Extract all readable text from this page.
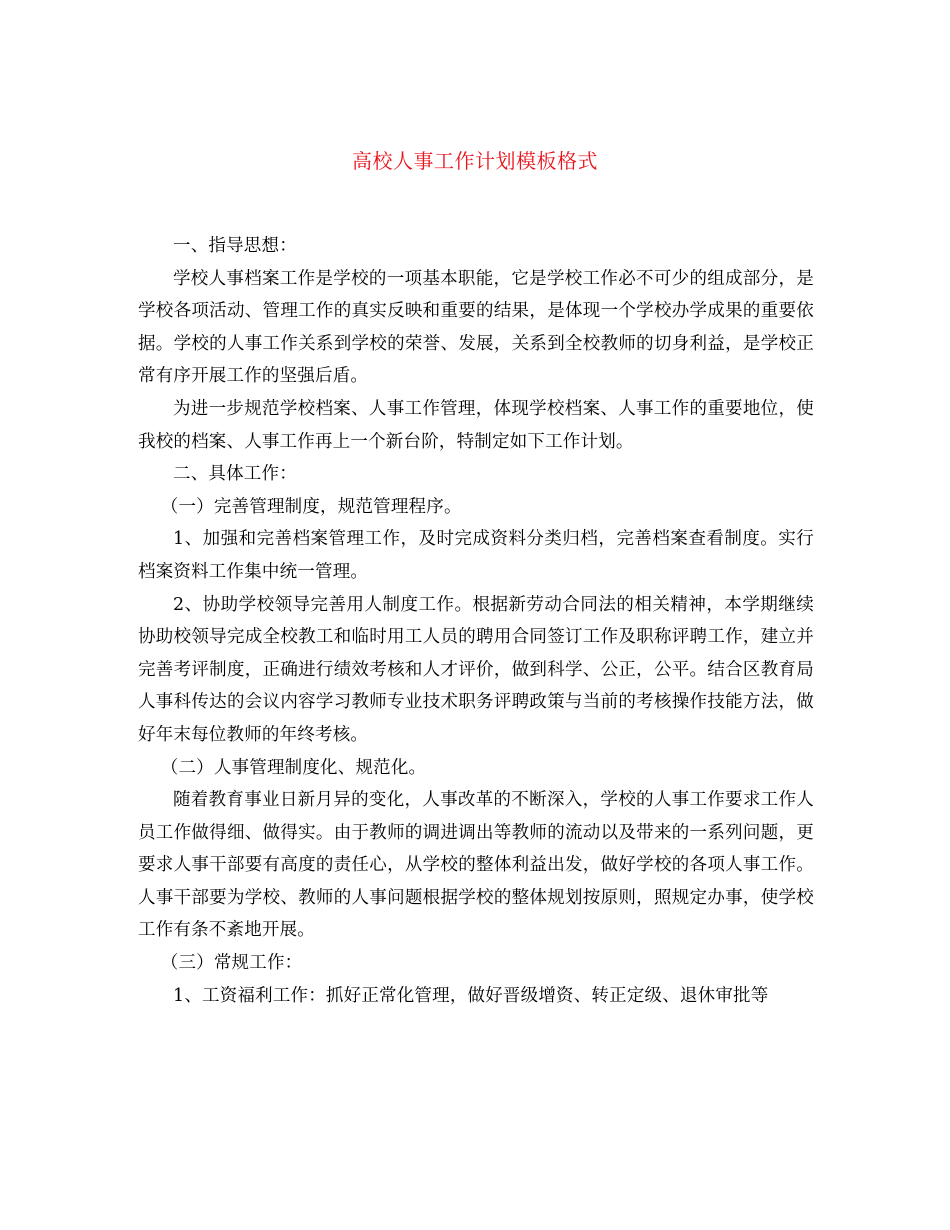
高校人事工作计划模板格式

一、指导思想：

学校人事档案工作是学校的一项基本职能，它是学校工作必不可少的组成部分，是学校各项活动、管理工作的真实反映和重要的结果，是体现一个学校办学成果的重要依据。学校的人事工作关系到学校的荣誉、发展，关系到全校教师的切身利益，是学校正常有序开展工作的坚强后盾。

为进一步规范学校档案、人事工作管理，体现学校档案、人事工作的重要地位，使我校的档案、人事工作再上一个新台阶，特制定如下工作计划。

二、具体工作：

（一）完善管理制度，规范管理程序。

1、加强和完善档案管理工作，及时完成资料分类归档，完善档案查看制度。实行档案资料工作集中统一管理。

2、协助学校领导完善用人制度工作。根据新劳动合同法的相关精神，本学期继续协助校领导完成全校教工和临时用工人员的聘用合同签订工作及职称评聘工作，建立并完善考评制度，正确进行绩效考核和人才评价，做到科学、公正，公平。结合区教育局人事科传达的会议内容学习教师专业技术职务评聘政策与当前的考核操作技能方法，做好年末每位教师的年终考核。

（二）人事管理制度化、规范化。

随着教育事业日新月异的变化，人事改革的不断深入，学校的人事工作要求工作人员工作做得细、做得实。由于教师的调进调出等教师的流动以及带来的一系列问题，更要求人事干部要有高度的责任心，从学校的整体利益出发，做好学校的各项人事工作。人事干部要为学校、教师的人事问题根据学校的整体规划按原则，照规定办事，使学校工作有条不紊地开展。

（三）常规工作：

1、工资福利工作：抓好正常化管理，做好晋级增资、转正定级、退休审批等
